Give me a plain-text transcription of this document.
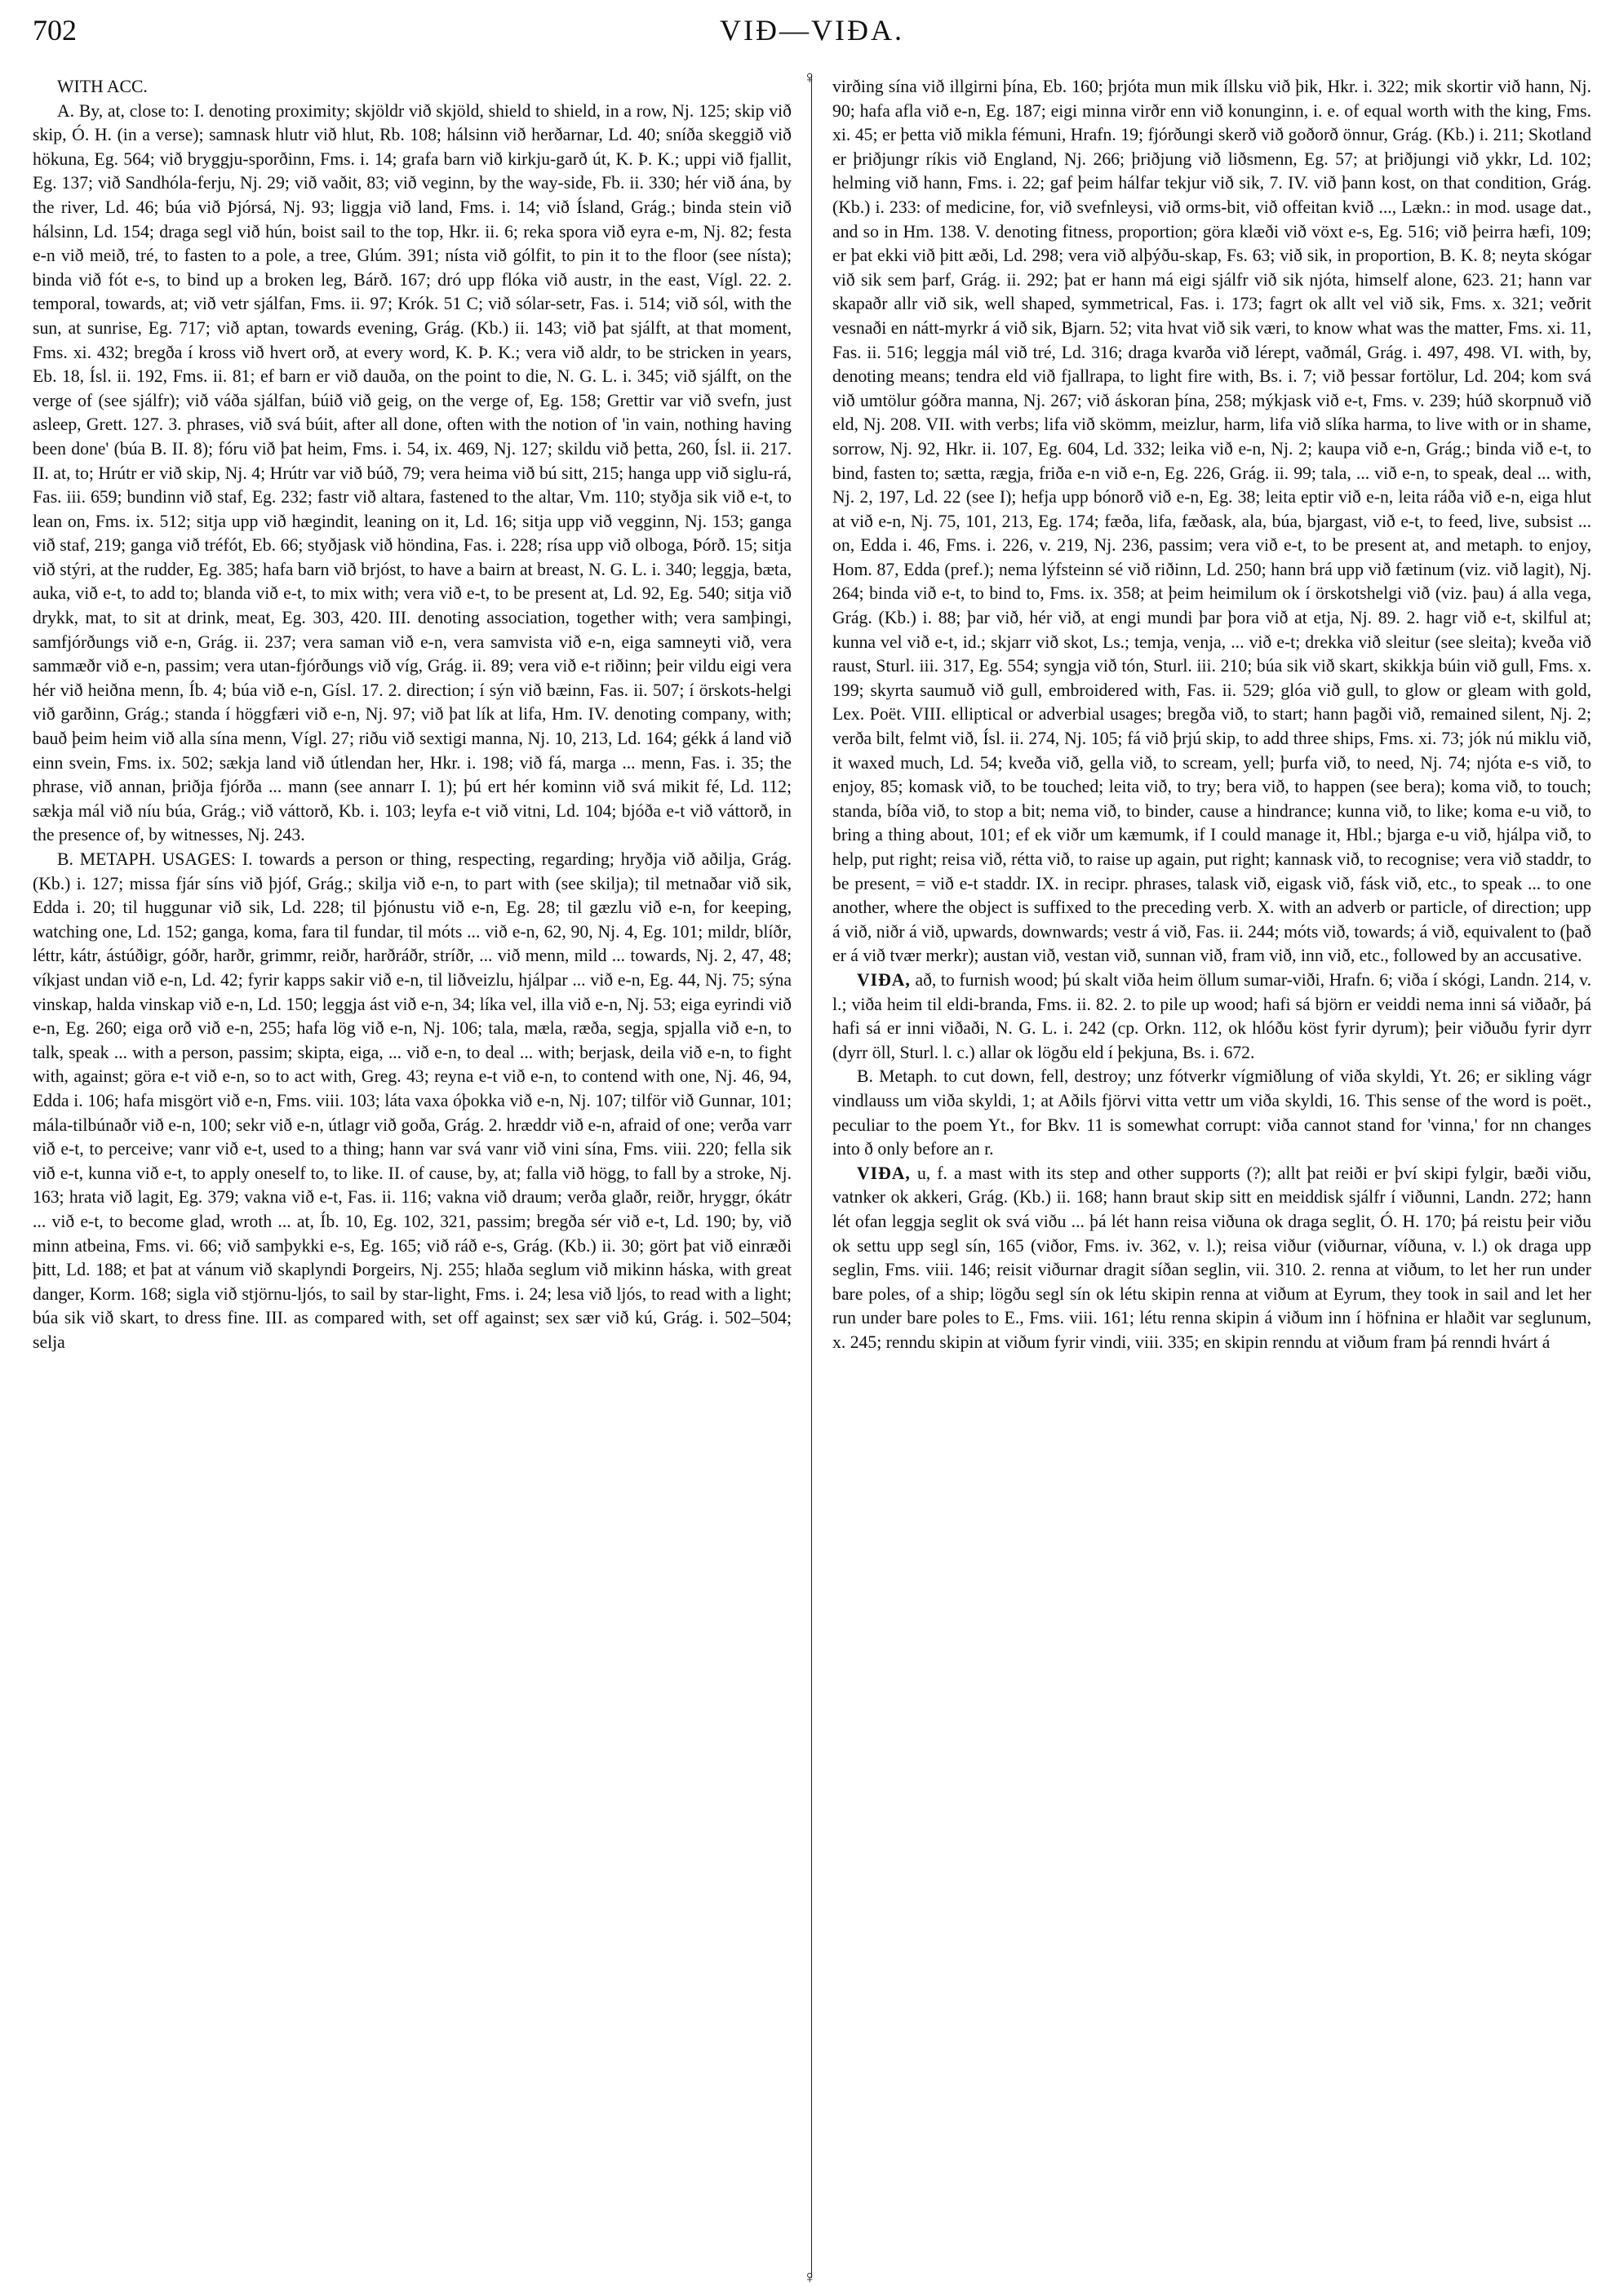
702	VIÐ—VIÐA.

WITH ACC.

A. By, at, close to: I. denoting proximity; skjöldr við skjöld, shield to shield, in a row, Nj. 125; skip við skip, Ó. H. (in a verse); samnask hlutr við hlut, Rb. 108; hálsinn við herðarnar, Ld. 40; sníða skeggið við hökuna, Eg. 564; við bryggju-sporðinn, Fms. i. 14; grafa barn við kirkju-garð út, K. Þ. K.; uppi við fjallit, Eg. 137; við Sandhóla-ferju, Nj. 29; við vaðit, 83; við veginn, by the way-side, Fb. ii. 330; hér við ána, by the river, Ld. 46; búa við Þjórsá, Nj. 93; liggja við land, Fms. i. 14; við Ísland, Grág.; binda stein við hálsinn, Ld. 154; draga segl við hún, boist sail to the top, Hkr. ii. 6; reka spora við eyra e-m, Nj. 82; festa e-n við meið, tré, to fasten to a pole, a tree, Glúm. 391; nísta við gólfit, to pin it to the floor (see nísta); binda við fót e-s, to bind up a broken leg, Bárð. 167; dró upp flóka við austr, in the east, Vígl. 22. 2. temporal, towards, at; við vetr sjálfan, Fms. ii. 97; Krók. 51 C; við sólar-setr, Fas. i. 514; við sól, with the sun, at sunrise, Eg. 717; við aptan, towards evening, Grág. (Kb.) ii. 143; við þat sjálft, at that moment, Fms. xi. 432; bregða í kross við hvert orð, at every word, K. Þ. K.; vera við aldr, to be stricken in years, Eb. 18, Ísl. ii. 192, Fms. ii. 81; ef barn er við dauða, on the point to die, N. G. L. i. 345; við sjálft, on the verge of (see sjálfr); við váða sjálfan, búið við geig, on the verge of, Eg. 158; Grettir var við svefn, just asleep, Grett. 127. 3. phrases, við svá búit, after all done, often with the notion of 'in vain, nothing having been done' (búa B. II. 8); fóru við þat heim, Fms. i. 54, ix. 469, Nj. 127; skildu við þetta, 260, Ísl. ii. 217. II. at, to; Hrútr er við skip, Nj. 4; Hrútr var við búð, 79; vera heima við bú sitt, 215; hanga upp við siglu-rá, Fas. iii. 659; bundinn við staf, Eg. 232; fastr við altara, fastened to the altar, Vm. 110; styðja sik við e-t, to lean on, Fms. ix. 512; sitja upp við hægindit, leaning on it, Ld. 16; sitja upp við vegginn, Nj. 153; ganga við staf, 219; ganga við tréfót, Eb. 66; styðjask við höndina, Fas. i. 228; rísa upp við olboga, Þórð. 15; sitja við stýri, at the rudder, Eg. 385; hafa barn við brjóst, to have a bairn at breast, N. G. L. i. 340; leggja, bæta, auka, við e-t, to add to; blanda við e-t, to mix with; vera við e-t, to be present at, Ld. 92, Eg. 540; sitja við drykk, mat, to sit at drink, meat, Eg. 303, 420. III. denoting association, together with; vera samþingi, samfjórðungs við e-n, Grág. ii. 237; vera saman við e-n, vera samvista við e-n, eiga samneyti við, vera sammæðr við e-n, passim; vera utan-fjórðungs við víg, Grág. ii. 89; vera við e-t riðinn; þeir vildu eigi vera hér við heiðna menn, Íb. 4; búa við e-n, Gísl. 17. 2. direction; í sýn við bæinn, Fas. ii. 507; í örskots-helgi við garðinn, Grág.; standa í höggfæri við e-n, Nj. 97; við þat lík at lifa, Hm. IV. denoting company, with; bauð þeim heim við alla sína menn, Vígl. 27; riðu við sextigi manna, Nj. 10, 213, Ld. 164; gékk á land við einn svein, Fms. ix. 502; sækja land við útlendan her, Hkr. i. 198; við fá, marga ... menn, Fas. i. 35; the phrase, við annan, þriðja fjórða ... mann (see annarr I. 1); þú ert hér kominn við svá mikit fé, Ld. 112; sækja mál við níu búa, Grág.; við váttorð, Kb. i. 103; leyfa e-t við vitni, Ld. 104; bjóða e-t við váttorð, in the presence of, by witnesses, Nj. 243.

B. METAPH. USAGES: I. towards a person or thing, respecting, regarding; hryðja við aðilja, Grág. (Kb.) i. 127; missa fjár síns við þjóf, Grág.; skilja við e-n, to part with (see skilja); til metnaðar við sik, Edda i. 20; til huggunar við sik, Ld. 228; til þjónustu við e-n, Eg. 28; til gæzlu við e-n, for keeping, watching one, Ld. 152; ganga, koma, fara til fundar, til móts ... við e-n, 62, 90, Nj. 4, Eg. 101; mildr, blíðr, léttr, kátr, ástúðigr, góðr, harðr, grimmr, reiðr, harðráðr, stríðr, ... við menn, mild ... towards, Nj. 2, 47, 48; víkjast undan við e-n, Ld. 42; fyrir kapps sakir við e-n, til liðveizlu, hjálpar ... við e-n, Eg. 44, Nj. 75; sýna vinskap, halda vinskap við e-n, Ld. 150; leggja ást við e-n, 34; líka vel, illa við e-n, Nj. 53; eiga eyrindi við e-n, Eg. 260; eiga orð við e-n, 255; hafa lög við e-n, Nj. 106; tala, mæla, ræða, segja, spjalla við e-n, to talk, speak ... with a person, passim; skipta, eiga, ... við e-n, to deal ... with; berjask, deila við e-n, to fight with, against; göra e-t við e-n, so to act with, Greg. 43; reyna e-t við e-n, to contend with one, Nj. 46, 94, Edda i. 106; hafa misgört við e-n, Fms. viii. 103; láta vaxa óþokka við e-n, Nj. 107; tilför við Gunnar, 101; mála-tilbúnaðr við e-n, 100; sekr við e-n, útlagr við goða, Grág. 2. hræddr við e-n, afraid of one; verða varr við e-t, to perceive; vanr við e-t, used to a thing; hann var svá vanr við vini sína, Fms. viii. 220; fella sik við e-t, kunna við e-t, to apply oneself to, to like. II. of cause, by, at; falla við högg, to fall by a stroke, Nj. 163; hrata við lagit, Eg. 379; vakna við e-t, Fas. ii. 116; vakna við draum; verða glaðr, reiðr, hryggr, ókátr ... við e-t, to become glad, wroth ... at, Íb. 10, Eg. 102, 321, passim; bregða sér við e-t, Ld. 190; by, við minn atbeina, Fms. vi. 66; við samþykki e-s, Eg. 165; við ráð e-s, Grág. (Kb.) ii. 30; gört þat við einræði þitt, Ld. 188; et þat at vánum við skaplyndi Þorgeirs, Nj. 255; hlaða seglum við mikinn háska, with great danger, Korm. 168; sigla við stjörnu-ljós, to sail by star-light, Fms. i. 24; lesa við ljós, to read with a light; búa sik við skart, to dress fine. III. as compared with, set off against; sex sær við kú, Grág. i. 502–504; selja

♀
♀

virðing sína við illgirni þína, Eb. 160; þrjóta mun mik íllsku við þik, Hkr. i. 322; mik skortir við hann, Nj. 90; hafa afla við e-n, Eg. 187; eigi minna virðr enn við konunginn, i. e. of equal worth with the king, Fms. xi. 45; er þetta við mikla fémuni, Hrafn. 19; fjórðungi skerð við goðorð önnur, Grág. (Kb.) i. 211; Skotland er þriðjungr ríkis við England, Nj. 266; þriðjung við liðsmenn, Eg. 57; at þriðjungi við ykkr, Ld. 102; helming við hann, Fms. i. 22; gaf þeim hálfar tekjur við sik, 7. IV. við þann kost, on that condition, Grág. (Kb.) i. 233: of medicine, for, við svefnleysi, við orms-bit, við offeitan kvið ..., Lækn.: in mod. usage dat., and so in Hm. 138. V. denoting fitness, proportion; göra klæði við vöxt e-s, Eg. 516; við þeirra hæfi, 109; er þat ekki við þitt æði, Ld. 298; vera við alþýðu-skap, Fs. 63; við sik, in proportion, B. K. 8; neyta skógar við sik sem þarf, Grág. ii. 292; þat er hann má eigi sjálfr við sik njóta, himself alone, 623. 21; hann var skapaðr allr við sik, well shaped, symmetrical, Fas. i. 173; fagrt ok allt vel við sik, Fms. x. 321; veðrit vesnaði en nátt-myrkr á við sik, Bjarn. 52; vita hvat við sik væri, to know what was the matter, Fms. xi. 11, Fas. ii. 516; leggja mál við tré, Ld. 316; draga kvarða við lérept, vaðmál, Grág. i. 497, 498. VI. with, by, denoting means; tendra eld við fjallrapa, to light fire with, Bs. i. 7; við þessar fortölur, Ld. 204; kom svá við umtölur góðra manna, Nj. 267; við áskoran þína, 258; mýkjask við e-t, Fms. v. 239; húð skorpnuð við eld, Nj. 208. VII. with verbs; lifa við skömm, meizlur, harm, lifa við slíka harma, to live with or in shame, sorrow, Nj. 92, Hkr. ii. 107, Eg. 604, Ld. 332; leika við e-n, Nj. 2; kaupa við e-n, Grág.; binda við e-t, to bind, fasten to; sætta, rægja, friða e-n við e-n, Eg. 226, Grág. ii. 99; tala, ... við e-n, to speak, deal ... with, Nj. 2, 197, Ld. 22 (see I); hefja upp bónorð við e-n, Eg. 38; leita eptir við e-n, leita ráða við e-n, eiga hlut at við e-n, Nj. 75, 101, 213, Eg. 174; fæða, lifa, fæðask, ala, búa, bjargast, við e-t, to feed, live, subsist ... on, Edda i. 46, Fms. i. 226, v. 219, Nj. 236, passim; vera við e-t, to be present at, and metaph. to enjoy, Hom. 87, Edda (pref.); nema lýfsteinn sé við riðinn, Ld. 250; hann brá upp við fætinum (viz. við lagit), Nj. 264; binda við e-t, to bind to, Fms. ix. 358; at þeim heimilum ok í örskotshelgi við (viz. þau) á alla vega, Grág. (Kb.) i. 88; þar við, hér við, at engi mundi þar þora við at etja, Nj. 89. 2. hagr við e-t, skilful at; kunna vel við e-t, id.; skjarr við skot, Ls.; temja, venja, ... við e-t; drekka við sleitur (see sleita); kveða við raust, Sturl. iii. 317, Eg. 554; syngja við tón, Sturl. iii. 210; búa sik við skart, skikkja búin við gull, Fms. x. 199; skyrta saumuð við gull, embroidered with, Fas. ii. 529; glóa við gull, to glow or gleam with gold, Lex. Poët. VIII. elliptical or adverbial usages; bregða við, to start; hann þagði við, remained silent, Nj. 2; verða bilt, felmt við, Ísl. ii. 274, Nj. 105; fá við þrjú skip, to add three ships, Fms. xi. 73; jók nú miklu við, it waxed much, Ld. 54; kveða við, gella við, to scream, yell; þurfa við, to need, Nj. 74; njóta e-s við, to enjoy, 85; komask við, to be touched; leita við, to try; bera við, to happen (see bera); koma við, to touch; standa, bíða við, to stop a bit; nema við, to binder, cause a hindrance; kunna við, to like; koma e-u við, to bring a thing about, 101; ef ek viðr um kæmumk, if I could manage it, Hbl.; bjarga e-u við, hjálpa við, to help, put right; reisa við, rétta við, to raise up again, put right; kannask við, to recognise; vera við staddr, to be present, = við e-t staddr. IX. in recipr. phrases, talask við, eigask við, fásk við, etc., to speak ... to one another, where the object is suffixed to the preceding verb. X. with an adverb or particle, of direction; upp á við, niðr á við, upwards, downwards; vestr á við, Fas. ii. 244; móts við, towards; á við, equivalent to (það er á við tvær merkr); austan við, vestan við, sunnan við, fram við, inn við, etc., followed by an accusative.

VIÐA, að, to furnish wood; þú skalt viða heim öllum sumar-viði, Hrafn. 6; viða í skógi, Landn. 214, v. l.; viða heim til eldi-branda, Fms. ii. 82. 2. to pile up wood; hafi sá björn er veiddi nema inni sá viðaðr, þá hafi sá er inni viðaði, N. G. L. i. 242 (cp. Orkn. 112, ok hlóðu köst fyrir dyrum); þeir viðuðu fyrir dyrr (dyrr öll, Sturl. l. c.) allar ok lögðu eld í þekjuna, Bs. i. 672.

B. Metaph. to cut down, fell, destroy; unz fótverkr vígmiðlung of viða skyldi, Yt. 26; er sikling vágr vindlauss um viða skyldi, 1; at Aðils fjörvi vitta vettr um viða skyldi, 16. This sense of the word is poët., peculiar to the poem Yt., for Bkv. 11 is somewhat corrupt: viða cannot stand for 'vinna,' for nn changes into ð only before an r.

VIÐA, u, f. a mast with its step and other supports (?); allt þat reiði er því skipi fylgir, bæði viðu, vatnker ok akkeri, Grág. (Kb.) ii. 168; hann braut skip sitt en meiddisk sjálfr í viðunni, Landn. 272; hann lét ofan leggja seglit ok svá viðu ... þá lét hann reisa viðuna ok draga seglit, Ó. H. 170; þá reistu þeir viðu ok settu upp segl sín, 165 (viðor, Fms. iv. 362, v. l.); reisa viður (viðurnar, víðuna, v. l.) ok draga upp seglin, Fms. viii. 146; reisit viðurnar dragit síðan seglin, vii. 310. 2. renna at viðum, to let her run under bare poles, of a ship; lögðu segl sín ok létu skipin renna at viðum at Eyrum, they took in sail and let her run under bare poles to E., Fms. viii. 161; létu renna skipin á viðum inn í höfnina er hlaðit var seglunum, x. 245; renndu skipin at viðum fyrir vindi, viii. 335; en skipin renndu at viðum fram þá renndi hvárt á
